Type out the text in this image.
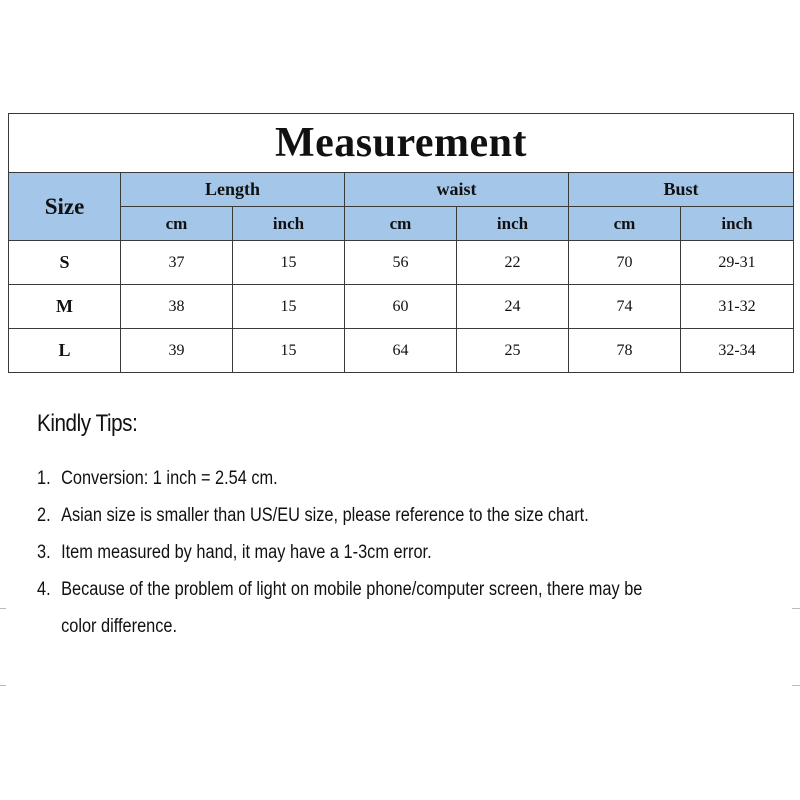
Measurement						
Size	Length		waist		Bust	
	cm	inch	cm	inch	cm	inch
S	37	15	56	22	70	29-31
M	38	15	60	24	74	31-32
L	39	15	64	25	78	32-34
Kindly Tips:
1. Conversion: 1 inch = 2.54 cm.
2. Asian size is smaller than US/EU size, please reference to the size chart.
3. Item measured by hand, it may have a 1-3cm error.
4. Because of the problem of light on mobile phone/computer screen, there may be
color difference.
